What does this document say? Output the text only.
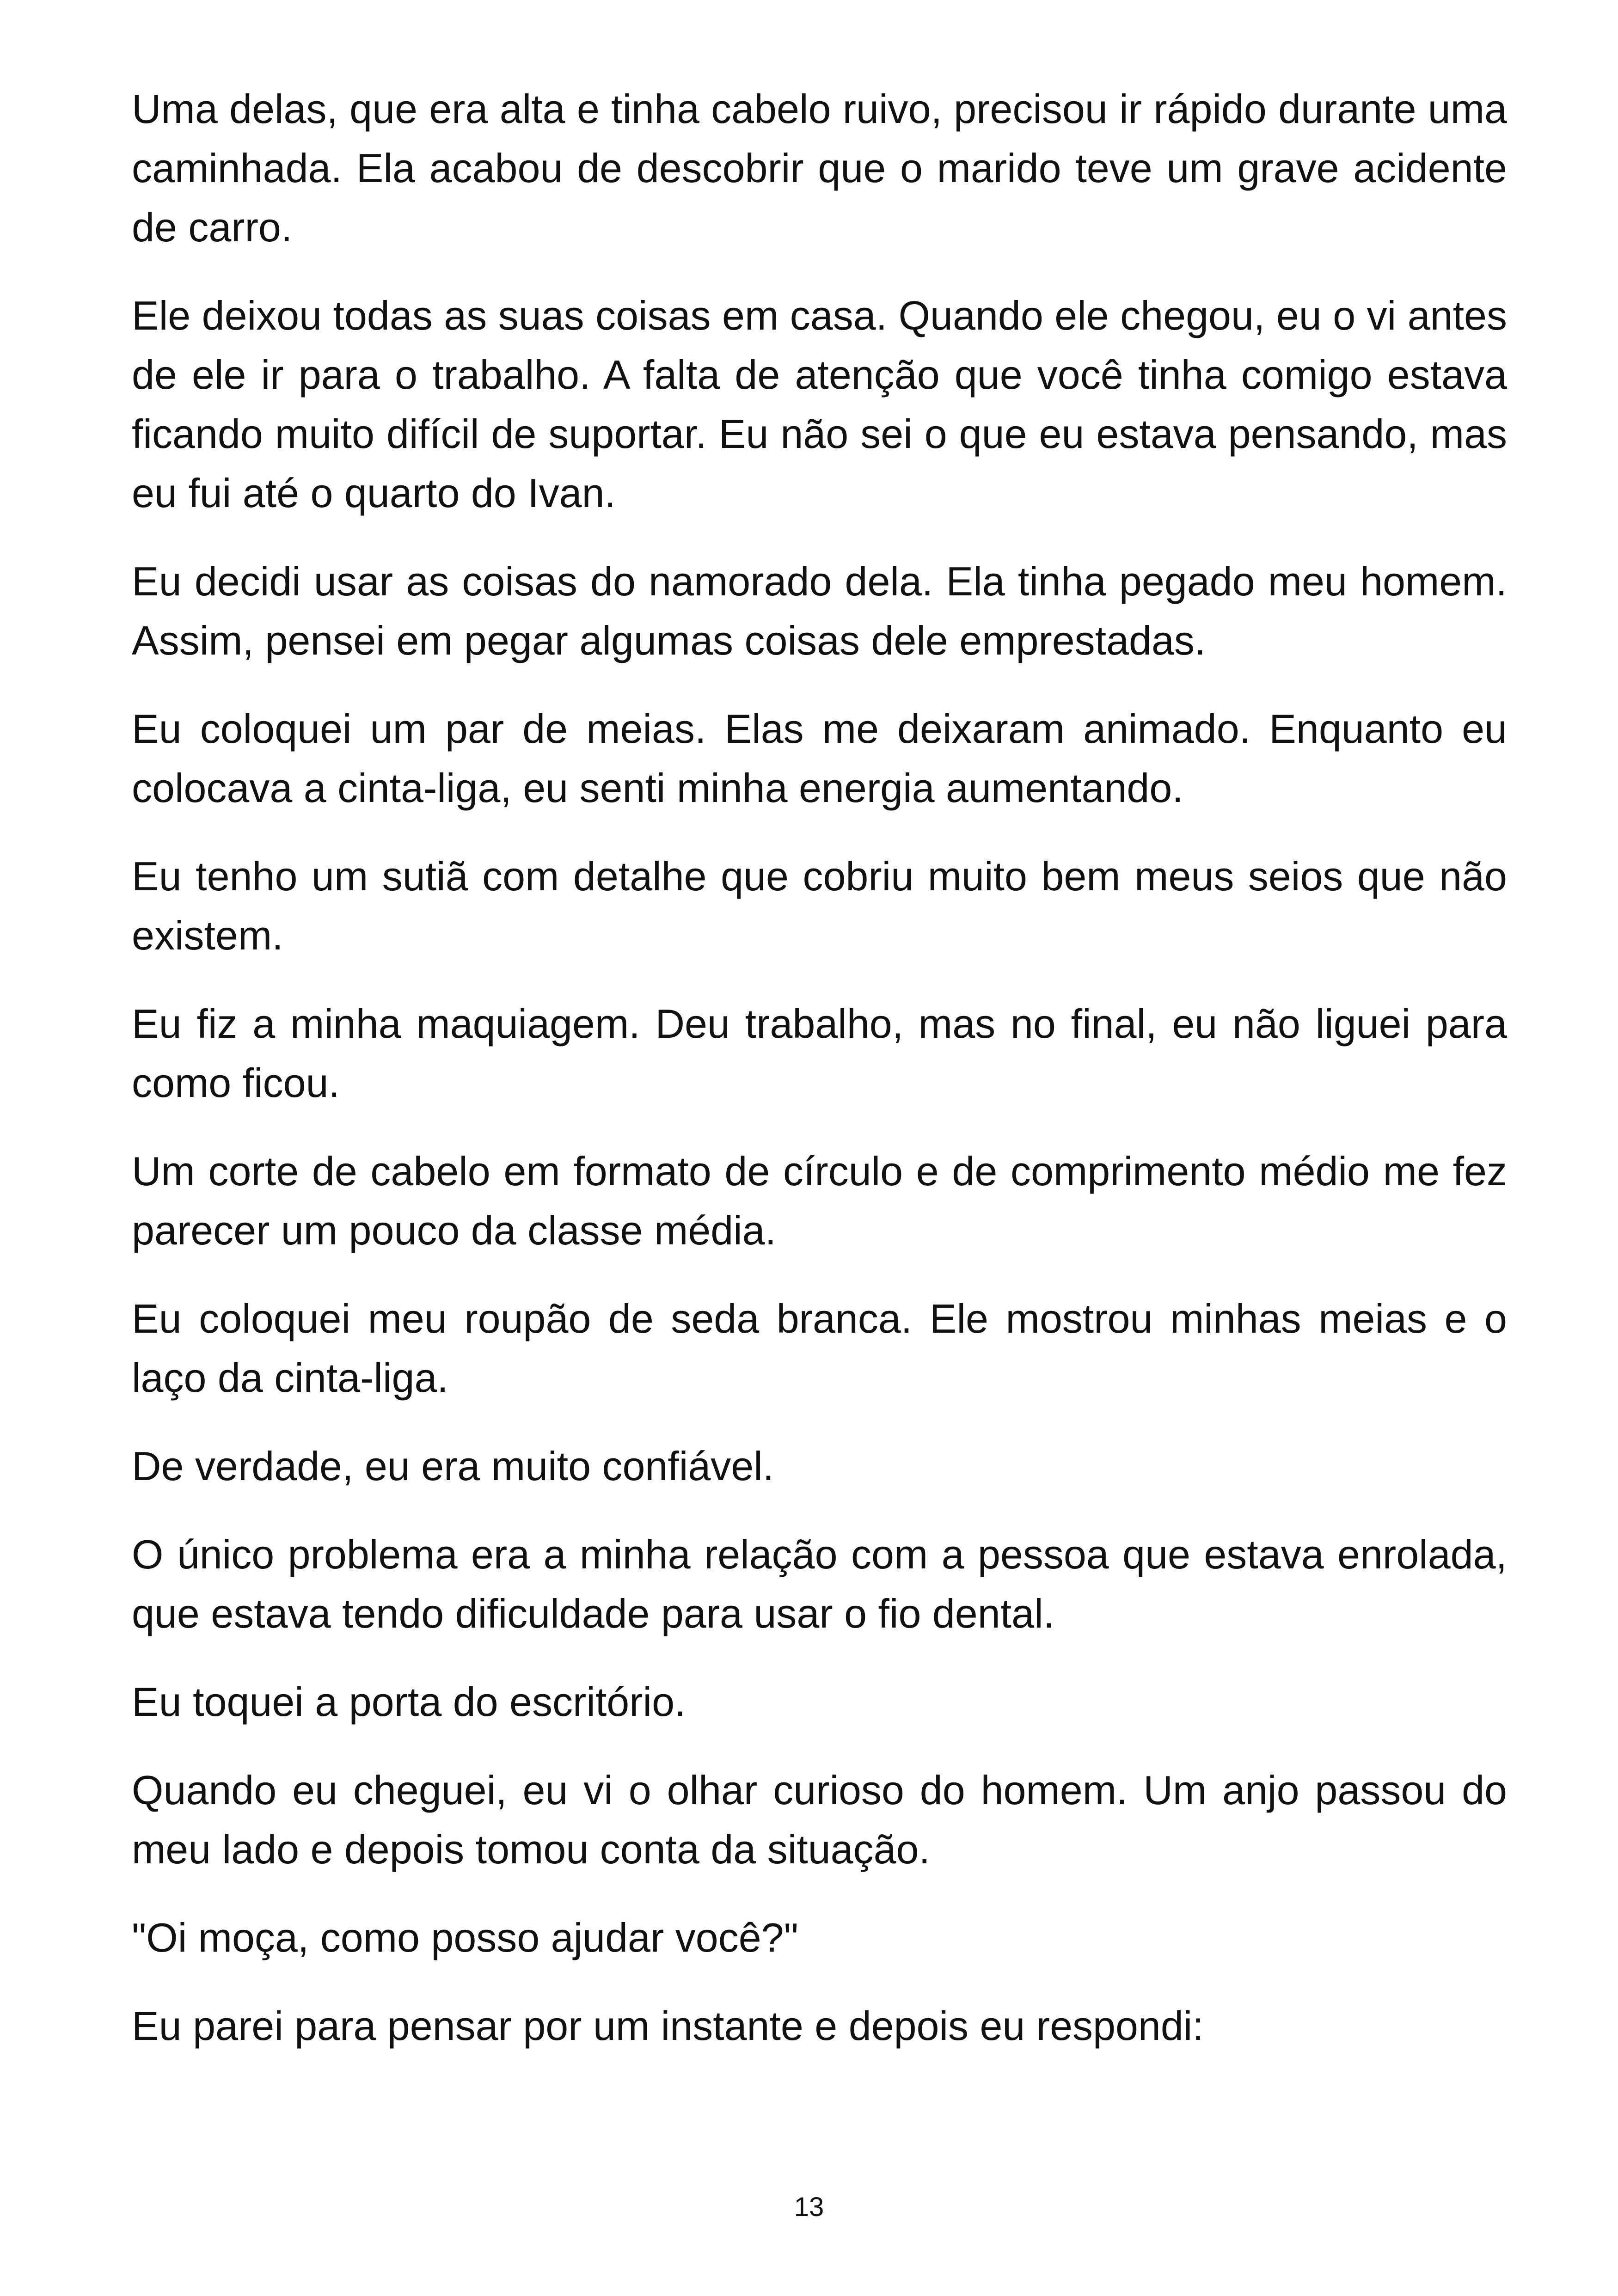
Uma delas, que era alta e tinha cabelo ruivo, precisou ir rápido durante uma caminhada. Ela acabou de descobrir que o marido teve um grave acidente de carro.

Ele deixou todas as suas coisas em casa. Quando ele chegou, eu o vi antes de ele ir para o trabalho. A falta de atenção que você tinha comigo estava ficando muito difícil de suportar. Eu não sei o que eu estava pensando, mas eu fui até o quarto do Ivan.

Eu decidi usar as coisas do namorado dela. Ela tinha pegado meu homem. Assim, pensei em pegar algumas coisas dele emprestadas.

Eu coloquei um par de meias. Elas me deixaram animado. Enquanto eu colocava a cinta-liga, eu senti minha energia aumentando.

Eu tenho um sutiã com detalhe que cobriu muito bem meus seios que não existem.

Eu fiz a minha maquiagem. Deu trabalho, mas no final, eu não liguei para como ficou.

Um corte de cabelo em formato de círculo e de comprimento médio me fez parecer um pouco da classe média.

Eu coloquei meu roupão de seda branca. Ele mostrou minhas meias e o laço da cinta-liga.

De verdade, eu era muito confiável.

O único problema era a minha relação com a pessoa que estava enrolada, que estava tendo dificuldade para usar o fio dental.

Eu toquei a porta do escritório.

Quando eu cheguei, eu vi o olhar curioso do homem. Um anjo passou do meu lado e depois tomou conta da situação.

"Oi moça, como posso ajudar você?"

Eu parei para pensar por um instante e depois eu respondi:

13
